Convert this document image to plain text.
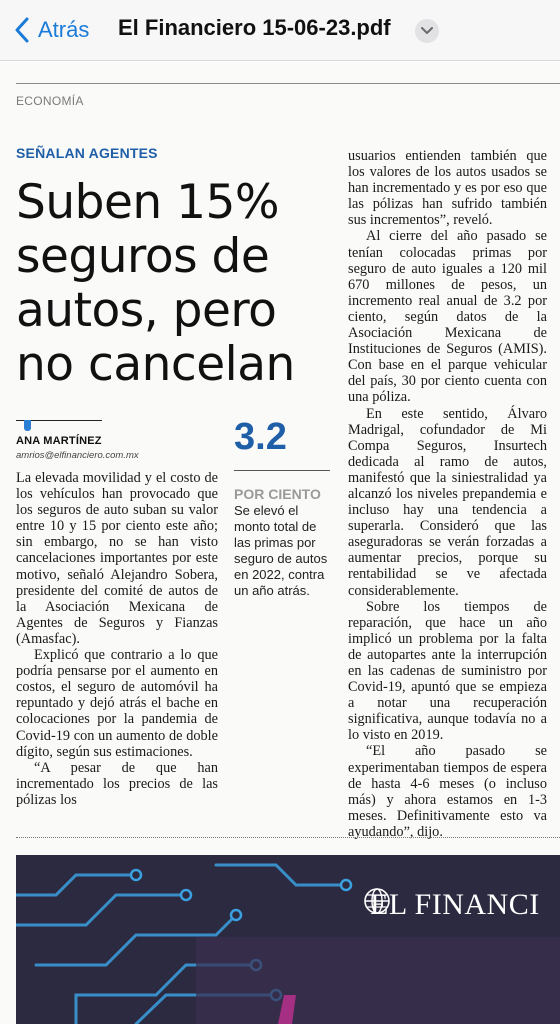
Atrás El Financiero 15-06-23.pdf
ECONOMÍA
SEÑALAN AGENTES
Suben 15% seguros de autos, pero no cancelan
ANA MARTÍNEZ
amrios@elfinanciero.com.mx

La elevada movilidad y el costo de los vehículos han provocado que los seguros de auto suban su valor entre 10 y 15 por ciento este año; sin embargo, no se han visto cancelaciones importantes por este motivo, señaló Alejandro Sobera, presidente del comité de autos de la Asociación Mexicana de Agentes de Seguros y Fianzas (Amasfac).

Explicó que contrario a lo que podría pensarse por el aumento en costos, el seguro de automóvil ha repuntado y dejó atrás el bache en colocaciones por la pandemia de Covid-19 con un aumento de doble dígito, según sus estimaciones.

“A pesar de que han incrementado los precios de las pólizas los

3.2
POR CIENTO
Se elevó el monto total de las primas por seguro de autos en 2022, contra un año atrás.

usuarios entienden también que los valores de los autos usados se han incrementado y es por eso que las pólizas han sufrido también sus incrementos”, reveló.

Al cierre del año pasado se tenían colocadas primas por seguro de auto iguales a 120 mil 670 millones de pesos, un incremento real anual de 3.2 por ciento, según datos de la Asociación Mexicana de Instituciones de Seguros (AMIS). Con base en el parque vehicular del país, 30 por ciento cuenta con una póliza.

En este sentido, Álvaro Madrigal, cofundador de Mi Compa Seguros, Insurtech dedicada al ramo de autos, manifestó que la siniestralidad ya alcanzó los niveles prepandemia e incluso hay una tendencia a superarla. Consideró que las aseguradoras se verán forzadas a aumentar precios, porque su rentabilidad se ve afectada considerablemente.

Sobre los tiempos de reparación, que hace un año implicó un problema por la falta de autopartes ante la interrupción en las cadenas de suministro por Covid-19, apuntó que se empieza a notar una recuperación significativa, aunque todavía no a lo visto en 2019.

“El año pasado se experimentaban tiempos de espera de hasta 4-6 meses (o incluso más) y ahora estamos en 1-3 meses. Definitivamente esto va ayudando”, dijo.

EL FINANCI
